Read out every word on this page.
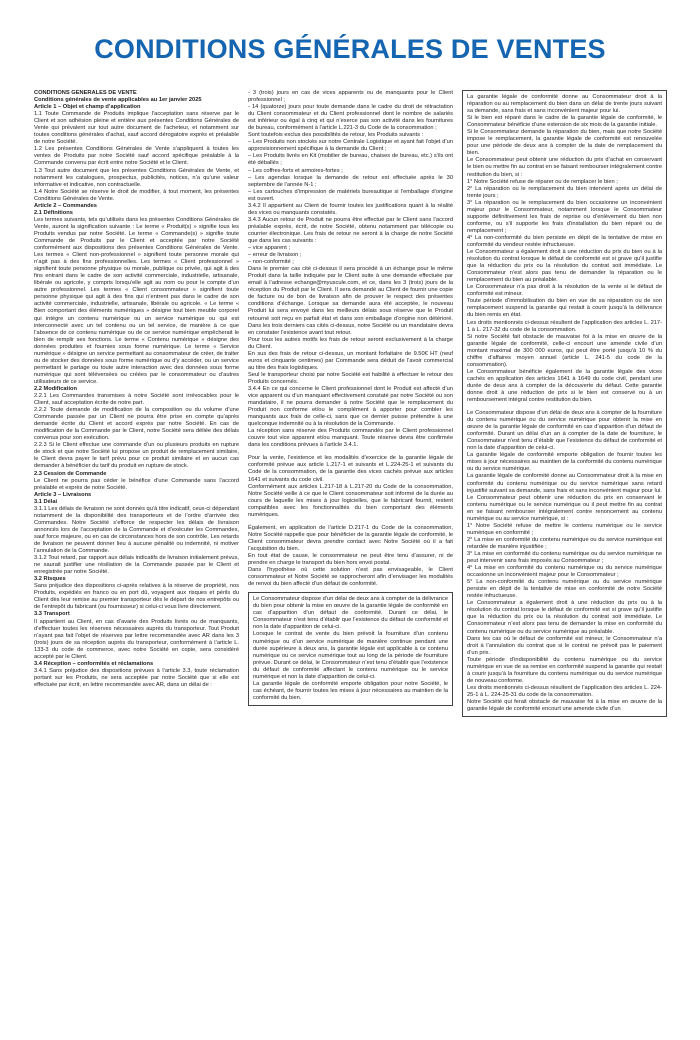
CONDITIONS GÉNÉRALES DE VENTES

CONDITIONS GÉNÉRALES DE VENTE

Conditions générales de vente applicables au 1er janvier 2025

Article 1 – Objet et champ d’application

1.1 Toute Commande de Produits implique l’acceptation sans réserve par le Client et son adhésion pleine et entière aux présentes Conditions Générales de Vente qui prévalent sur tout autre document de l’acheteur, et notamment sur toutes conditions générales d’achat, sauf accord dérogatoire exprès et préalable de notre Société.

1.2 Les présentes Conditions Générales de Vente s’appliquent à toutes les ventes de Produits par notre Société sauf accord spécifique préalable à la Commande convenu par écrit entre notre Société et le Client.

1.3 Tout autre document que les présentes Conditions Générales de Vente, et notamment les catalogues, prospectus, publicités, notices, n’a qu’une valeur informative et indicative, non contractuelle.

1.4 Notre Société se réserve le droit de modifier, à tout moment, les présentes Conditions Générales de Vente.

Article 2 – Commandes

2.1 Définitions

Les termes suivants, tels qu’utilisés dans les présentes Conditions Générales de Vente, auront la signification suivante : Le terme « Produit(s) » signifie tous les Produits vendus par notre Société. Le terme « Commande(s) » signifie toute Commande de Produits par le Client et acceptée par notre Société conformément aux dispositions des présentes Conditions Générales de Vente. Les termes « Client non-professionnel » signifient toute personne morale qui n’agit pas à des fins professionnelles. Les termes « Client professionnel » signifient toute personne physique ou morale, publique ou privée, qui agit à des fins entrant dans le cadre de son activité commerciale, industrielle, artisanale, libérale ou agricole, y compris lorsqu’elle agit au nom ou pour le compte d’un autre professionnel. Les termes « Client consommateur » signifient toute personne physique qui agit à des fins qui n’entrent pas dans le cadre de son activité commerciale, industrielle, artisanale, libérale ou agricole. « Le terme « Bien comportant des éléments numériques » désigne tout bien meuble corporel qui intègre un contenu numérique ou un service numérique ou qui est interconnecté avec un tel contenu ou un tel service, de manière à ce que l’absence de ce contenu numérique ou de ce service numérique empêcherait le bien de remplir ses fonctions. Le terme « Contenu numérique » désigne des données produites et fournies sous forme numérique. Le terme « Service numérique » désigne un service permettant au consommateur de créer, de traiter ou de stocker des données sous forme numérique ou d’y accéder, ou un service permettant le partage ou toute autre interaction avec des données sous forme numérique qui sont téléversées ou créées par le consommateur ou d’autres utilisateurs de ce service.

2.2 Modification

2.2.1 Les Commandes transmises à notre Société sont irrévocables pour le Client, sauf acceptation écrite de notre part.

2.2.2 Toute demande de modification de la composition ou du volume d’une Commande passée par un Client ne pourra être prise en compte qu’après demande écrite du Client et accord exprès par notre Société. En cas de modification de la Commande par le Client, notre Société sera déliée des délais convenus pour son exécution.

2.2.3 Si le Client effectue une commande d’un ou plusieurs produits en rupture de stock et que notre Société lui propose un produit de remplacement similaire, le Client devra payer le tarif prévu pour ce produit similaire et en aucun cas demander à bénéficier du tarif du produit en rupture de stock.

2.3 Cession de Commande

Le Client ne pourra pas céder le bénéfice d’une Commande sans l’accord préalable et exprès de notre Société.

Article 3 – Livraisons

3.1 Délai

3.1.1 Les délais de livraison ne sont donnés qu’à titre indicatif, ceux-ci dépendant notamment de la disponibilité des transporteurs et de l’ordre d’arrivée des Commandes. Notre Société s’efforce de respecter les délais de livraison annoncés lors de l’acceptation de la Commande et d’exécuter les Commandes, sauf force majeure, ou en cas de circonstances hors de son contrôle. Les retards de livraison ne peuvent donner lieu à aucune pénalité ou indemnité, ni motiver l’annulation de la Commande.

3.1.2 Tout retard, par rapport aux délais indicatifs de livraison initialement prévus, ne saurait justifier une résiliation de la Commande passée par le Client et enregistrée par notre Société.

3.2 Risques

Sans préjudice des dispositions ci-après relatives à la réserve de propriété, nos Produits, expédiés en franco ou en port dû, voyagent aux risques et périls du Client dès leur remise au premier transporteur dès le départ de nos entrepôts ou de l’entrepôt du fabricant (ou fournisseur) si celui-ci vous livre directement.

3.3 Transport

Il appartient au Client, en cas d’avarie des Produits livrés ou de manquants, d’effectuer toutes les réserves nécessaires auprès du transporteur. Tout Produit n’ayant pas fait l’objet de réserves par lettre recommandée avec AR dans les 3 (trois) jours de sa réception auprès du transporteur, conformément à l’article L. 133-3 du code de commerce, avec notre Société en copie, sera considéré accepté par le Client.

3.4 Réception – conformités et réclamations

3.4.1 Sans préjudice des dispositions prévues à l’article 3.3, toute réclamation portant sur les Produits, ne sera acceptée par notre Société que si elle est effectuée par écrit, en lettre recommandée avec AR, dans un délai de :

- 3 (trois) jours en cas de vices apparents ou de manquants pour le Client professionnel ;

- 14 (quatorze) jours pour toute demande dans le cadre du droit de rétractation du Client consommateur et du Client professionnel dont le nombre de salariés est inférieur ou égal à cinq et qui n’exerce pas son activité dans les fournitures de bureau, conformément à l’article L.221-3 du Code de la consommation ;

Sont toutefois exclus des possibilités de retour, les Produits suivants :

– Les Produits non stockés sur notre Centrale Logistique et ayant fait l’objet d’un approvisionnement spécifique à la demande du Client ;

– Les Produits livrés en Kit (mobilier de bureau, chaises de bureau, etc.) s’ils ont été déballés ;

– Les coffres-forts et armoires-fortes ;

– Les agendas lorsque la demande de retour est effectuée après le 30 septembre de l’année N-1 ;

– Les cartouches d’impression de matériels bureautique si l’emballage d’origine est ouvert.

3.4.2 Il appartient au Client de fournir toutes les justifications quant à la réalité des vices ou manquants constatés.

3.4.3 Aucun retour de Produit ne pourra être effectué par le Client sans l’accord préalable exprès, écrit, de notre Société, obtenu notamment par télécopie ou courrier électronique. Les frais de retour ne seront à la charge de notre Société que dans les cas suivants :

– vice apparent ;

– erreur de livraison ;

– non-conformité ;

Dans le premier cas cité ci-dessus il sera procédé à un échange pour le même Produit dans la taille indiquée par le Client suite à une demande effectuée par email à l’adresse echange@myuscule.com, et ce, dans les 3 (trois) jours de la réception du Produit par le Client. Il sera demandé au Client de fournir une copie de facture ou de bon de livraison afin de prouver le respect des présentes conditions d’échange. Lorsque sa demande aura été acceptée, le nouveau Produit lui sera envoyé dans les meilleurs délais sous réserve que le Produit retourné soit reçu en parfait état et dans son emballage d’origine non détérioré. Dans les trois derniers cas cités ci-dessus, notre Société ou un mandataire devra en constater l’existence avant tout retour.

Pour tous les autres motifs les frais de retour seront exclusivement à la charge du Client.

En sus des frais de retour ci-dessus, un montant forfaitaire de 9.50€ HT (neuf euros et cinquante centimes) par Commande sera déduit de l’avoir commercial au titre des frais logistiques.

Seul le transporteur choisi par notre Société est habilité à effectuer le retour des Produits concernés.

3.4.4 En ce qui concerne le Client professionnel dont le Produit est affecté d’un vice apparent ou d’un manquant effectivement constaté par notre Société ou son mandataire, il ne pourra demander à notre Société que le remplacement du Produit non conforme et/ou le complément à apporter pour combler les manquants aux frais de celle-ci, sans que ce dernier puisse prétendre à une quelconque indemnité ou à la résolution de la Commande.

La réception sans réserve des Produits commandés par le Client professionnel couvre tout vice apparent et/ou manquant. Toute réserve devra être confirmée dans les conditions prévues à l’article 3.4.1.

Pour la vente, l’existence et les modalités d’exercice de la garantie légale de conformité prévue aux article L.217-1 et suivants et L.224-25-1 et suivants du Code de la consommation, de la garantie des vices cachés prévue aux articles 1641 et suivants du code civil.

Conformément aux articles L.217-18 à L.217-20 du Code de la consommation, Notre Société veille à ce que le Client consommateur soit informé de la durée au cours de laquelle les mises à jour logicielles, que le fabricant fournit, restent compatibles avec les fonctionnalités du bien comportant des éléments numériques.

Également, en application de l’article D.217-1 du Code de la consommation, Notre Société rappelle que pour bénéficier de la garantie légale de conformité, le Client consommateur devra prendre contact avec Notre Société où il a fait l’acquisition du bien.

En tout état de cause, le consommateur ne peut être tenu d’assurer, ni de prendre en charge le transport du bien hors envoi postal.

Dans l’hypothèse où cette solution n’est pas envisageable, le Client consommateur et Notre Société se rapprocheront afin d’envisager les modalités de renvoi du bien affecté d’un défaut de conformité.

Le Consommateur dispose d’un délai de deux ans à compter de la délivrance du bien pour obtenir la mise en œuvre de la garantie légale de conformité en cas d’apparition d’un défaut de conformité. Durant ce délai, le Consommateur n’est tenu d’établir que l’existence du défaut de conformité et non la date d’apparition de celui-ci.

Lorsque le contrat de vente du bien prévoit la fourniture d’un contenu numérique ou d’un service numérique de manière continue pendant une durée supérieure à deux ans, la garantie légale est applicable à ce contenu numérique ou ce service numérique tout au long de la période de fourniture prévue. Durant ce délai, le Consommateur n’est tenu d’établir que l’existence du défaut de conformité affectant le contenu numérique ou le service numérique et non la date d’apparition de celui-ci.

La garantie légale de conformité emporte obligation pour notre Société, le cas échéant, de fournir toutes les mises à jour nécessaires au maintien de la conformité du bien.

La garantie légale de conformité donne au Consommateur droit à la réparation ou au remplacement du bien dans un délai de trente jours suivant sa demande, sans frais et sans inconvénient majeur pour lui.

Si le bien est réparé dans le cadre de la garantie légale de conformité, le Consommateur bénéficie d’une extension de six mois de la garantie initiale.

Si le Consommateur demande la réparation du bien, mais que notre Société impose le remplacement, la garantie légale de conformité est renouvelée pour une période de deux ans à compter de la date de remplacement du bien.

Le Consommateur peut obtenir une réduction du prix d’achat en conservant le bien ou mettre fin au contrat en se faisant rembourser intégralement contre restitution du bien, si :

1° Notre Société refuse de réparer ou de remplacer le bien ;

2° La réparation ou le remplacement du bien intervient après un délai de trente jours ;

3° La réparation ou le remplacement du bien occasionne un inconvénient majeur pour le Consommateur, notamment lorsque le Consommateur supporte définitivement les frais de reprise ou d’enlèvement du bien non conforme, ou s’il supporte les frais d’installation du bien réparé ou de remplacement ;

4° La non-conformité du bien persiste en dépit de la tentative de mise en conformité du vendeur restée infructueuse.

Le Consommateur a également droit à une réduction du prix du bien ou à la résolution du contrat lorsque le défaut de conformité est si grave qu’il justifie que la réduction du prix ou la résolution du contrat soit immédiate. Le Consommateur n’est alors pas tenu de demander la réparation ou le remplacement du bien au préalable.

Le Consommateur n’a pas droit à la résolution de la vente si le défaut de conformité est mineur.

Toute période d’immobilisation du bien en vue de sa réparation ou de son remplacement suspend la garantie qui restait à courir jusqu’à la délivrance du bien remis en état.

Les droits mentionnés ci-dessus résultent de l’application des articles L. 217-1 à L. 217-32 du code de la consommation.

Si notre Société fait obstacle de mauvaise foi à la mise en œuvre de la garantie légale de conformité, celle-ci encourt une amende civile d’un montant maximal de 300 000 euros, qui peut être porté jusqu’à 10 % du chiffre d’affaires moyen annuel (article L. 241-5 du code de la consommation).

Le Consommateur bénéficie également de la garantie légale des vices cachés en application des articles 1641 à 1649 du code civil, pendant une durée de deux ans à compter de la découverte du défaut. Cette garantie donne droit à une réduction de prix si le bien est conservé ou à un remboursement intégral contre restitution du bien.

Le Consommateur dispose d’un délai de deux ans à compter de la fourniture du contenu numérique ou du service numérique pour obtenir la mise en œuvre de la garantie légale de conformité en cas d’apparition d’un défaut de conformité. Durant un délai d’un an à compter de la date de fourniture, le Consommateur n’est tenu d’établir que l’existence du défaut de conformité et non la date d’apparition de celui-ci.

La garantie légale de conformité emporte obligation de fournir toutes les mises à jour nécessaires au maintien de la conformité du contenu numérique ou du service numérique.

La garantie légale de conformité donne au Consommateur droit à la mise en conformité du contenu numérique ou du service numérique sans retard injustifié suivant sa demande, sans frais et sans inconvénient majeur pour lui.

Le Consommateur peut obtenir une réduction du prix en conservant le contenu numérique ou le service numérique ou il peut mettre fin au contrat en se faisant rembourser intégralement contre renoncement au contenu numérique ou au service numérique, si :

1° Notre Société refuse de mettre le contenu numérique ou le service numérique en conformité ;

2° La mise en conformité du contenu numérique ou du service numérique est retardée de manière injustifiée ;

3° La mise en conformité du contenu numérique ou du service numérique ne peut intervenir sans frais imposés au Consommateur ;

4° La mise en conformité du contenu numérique ou du service numérique occasionne un inconvénient majeur pour le Consommateur ;

5° La non-conformité du contenu numérique ou du service numérique persiste en dépit de la tentative de mise en conformité de notre Société restée infructueuse.

Le Consommateur a également droit à une réduction du prix ou à la résolution du contrat lorsque le défaut de conformité est si grave qu’il justifie que la réduction du prix ou la résolution du contrat soit immédiate. Le Consommateur n’est alors pas tenu de demander la mise en conformité du contenu numérique ou du service numérique au préalable.

Dans les cas où le défaut de conformité est mineur, le Consommateur n’a droit à l’annulation du contrat que si le contrat ne prévoit pas le paiement d’un prix.

Toute période d’indisponibilité du contenu numérique ou du service numérique en vue de sa remise en conformité suspend la garantie qui restait à courir jusqu’à la fourniture du contenu numérique ou du service numérique de nouveau conforme.

Les droits mentionnés ci-dessus résultent de l’application des articles L. 224-25-1 à L. 224-25-31 du code de la consommation.

Notre Société qui ferait obstacle de mauvaise foi à la mise en œuvre de la garantie légale de conformité encourt une amende civile d’un
